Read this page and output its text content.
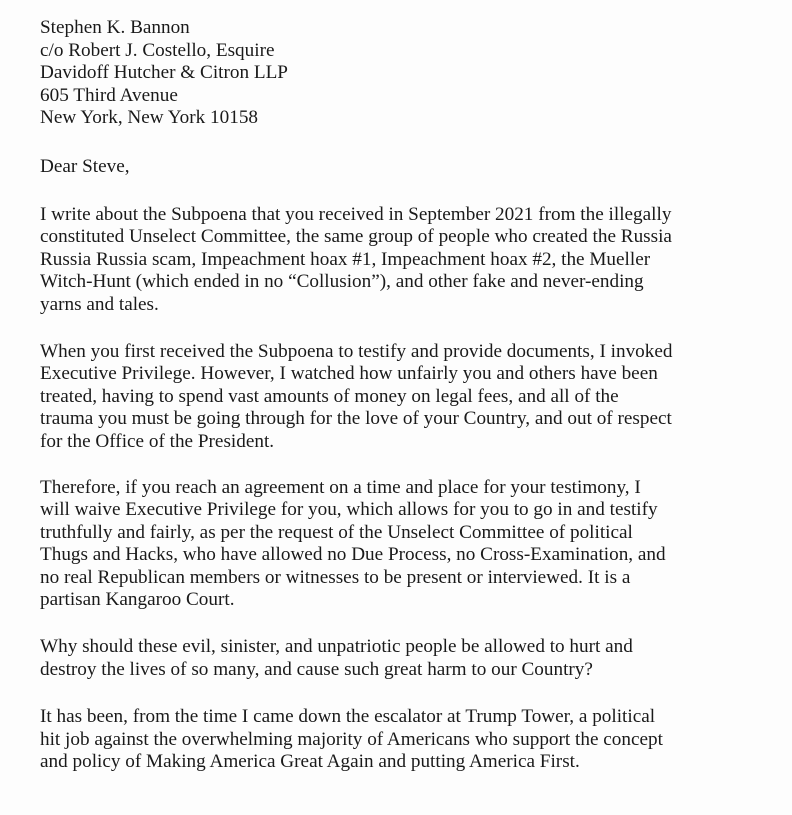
Stephen K. Bannon
c/o Robert J. Costello, Esquire
Davidoff Hutcher & Citron LLP
605 Third Avenue
New York, New York 10158
Dear Steve,
I write about the Subpoena that you received in September 2021 from the illegally
constituted Unselect Committee, the same group of people who created the Russia
Russia Russia scam, Impeachment hoax #1, Impeachment hoax #2, the Mueller
Witch-Hunt (which ended in no “Collusion”), and other fake and never-ending
yarns and tales.
When you first received the Subpoena to testify and provide documents, I invoked
Executive Privilege. However, I watched how unfairly you and others have been
treated, having to spend vast amounts of money on legal fees, and all of the
trauma you must be going through for the love of your Country, and out of respect
for the Office of the President.
Therefore, if you reach an agreement on a time and place for your testimony, I
will waive Executive Privilege for you, which allows for you to go in and testify
truthfully and fairly, as per the request of the Unselect Committee of political
Thugs and Hacks, who have allowed no Due Process, no Cross-Examination, and
no real Republican members or witnesses to be present or interviewed. It is a
partisan Kangaroo Court.
Why should these evil, sinister, and unpatriotic people be allowed to hurt and
destroy the lives of so many, and cause such great harm to our Country?
It has been, from the time I came down the escalator at Trump Tower, a political
hit job against the overwhelming majority of Americans who support the concept
and policy of Making America Great Again and putting America First.
